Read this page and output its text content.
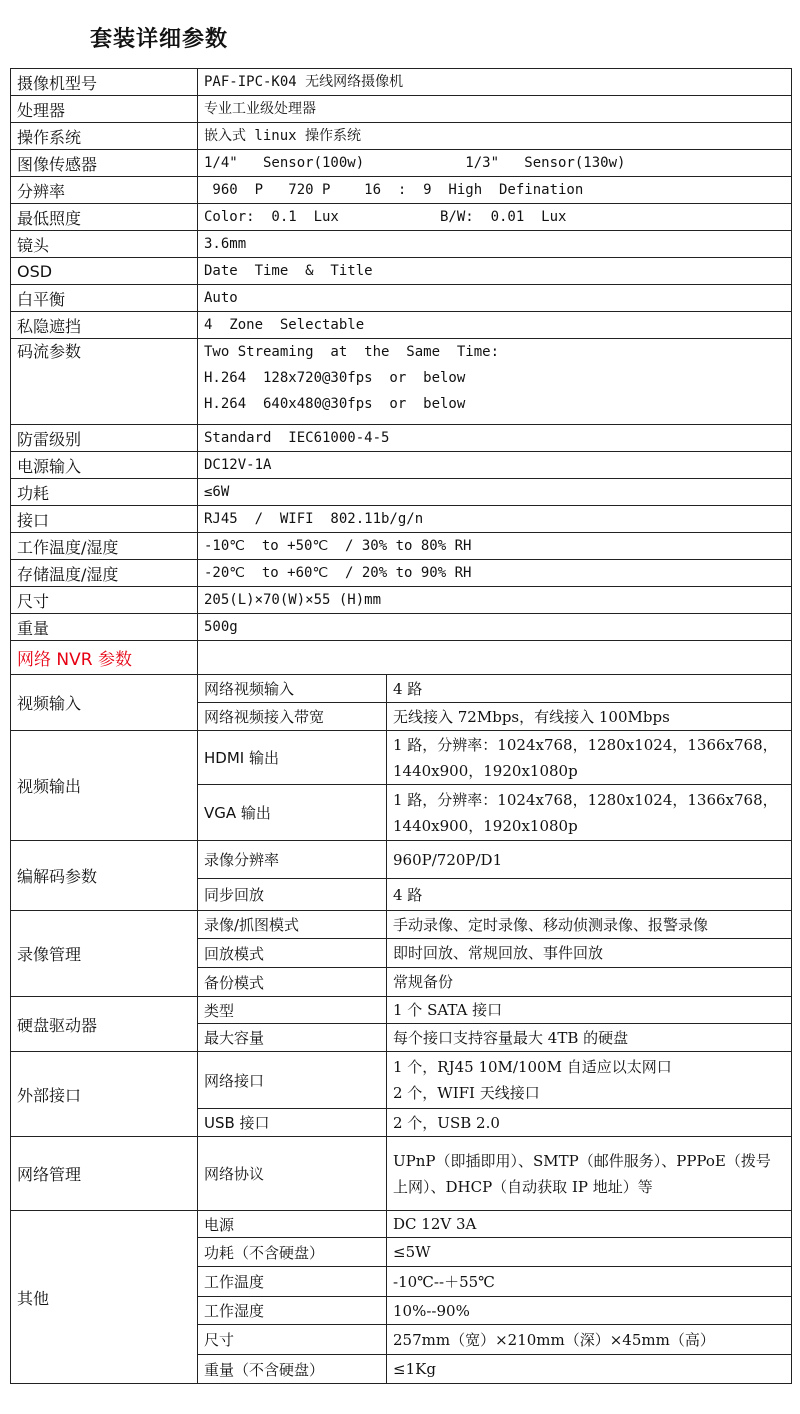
套装详细参数
摄像机型号	PAF-IPC-K04 无线网络摄像机	

处理器	专业工业级处理器	

操作系统	嵌入式 linux 操作系统	

图像传感器	1/4"   Sensor(100w)            1/3"   Sensor(130w)	

分辨率	960  P   720 P    16  :  9  High  Defination	

最低照度	Color:  0.1  Lux            B/W:  0.01  Lux	

镜头	3.6mm	

OSD	Date  Time  &  Title	

白平衡	Auto	

私隐遮挡	4  Zone  Selectable	

码流参数	Two Streaming  at  the  Same  Time:
H.264  128x720@30fps  or  below
H.264  640x480@30fps  or  below	

防雷级别	Standard  IEC61000-4-5	

电源输入	DC12V-1A	

功耗	≤6W	

接口	RJ45  /  WIFI  802.11b/g/n	

工作温度/湿度	-10℃  to +50℃  / 30% to 80% RH	

存储温度/湿度	-20℃  to +60℃  / 20% to 90% RH	

尺寸	205(L)×70(W)×55 (H)mm	

重量	500g	

网络 NVR 参数		
视频输入	网络视频输入	4 路
	网络视频接入带宽	无线接入 72Mbps，有线接入 100Mbps
视频输出	HDMI 输出	1 路，分辨率：1024x768，1280x1024，1366x768，1440x900，1920x1080p
	VGA 输出	1 路，分辨率：1024x768，1280x1024，1366x768，1440x900，1920x1080p
编解码参数	录像分辨率	960P/720P/D1
	同步回放	4 路
录像管理	录像/抓图模式	手动录像、定时录像、移动侦测录像、报警录像
	回放模式	即时回放、常规回放、事件回放
	备份模式	常规备份
硬盘驱动器	类型	1 个 SATA 接口
	最大容量	每个接口支持容量最大 4TB 的硬盘
外部接口	网络接口	1 个，RJ45 10M/100M 自适应以太网口
2 个，WIFI 天线接口
	USB 接口	2 个，USB 2.0
网络管理	网络协议	UPnP（即插即用）、SMTP（邮件服务）、PPPoE（拨号上网）、DHCP（自动获取 IP 地址）等
其他	电源	DC 12V 3A
	功耗（不含硬盘）	≤5W
	工作温度	-10℃--＋55℃
	工作湿度	10%--90%
	尺寸	257mm（宽）×210mm（深）×45mm（高）
	重量（不含硬盘）	≤1Kg
